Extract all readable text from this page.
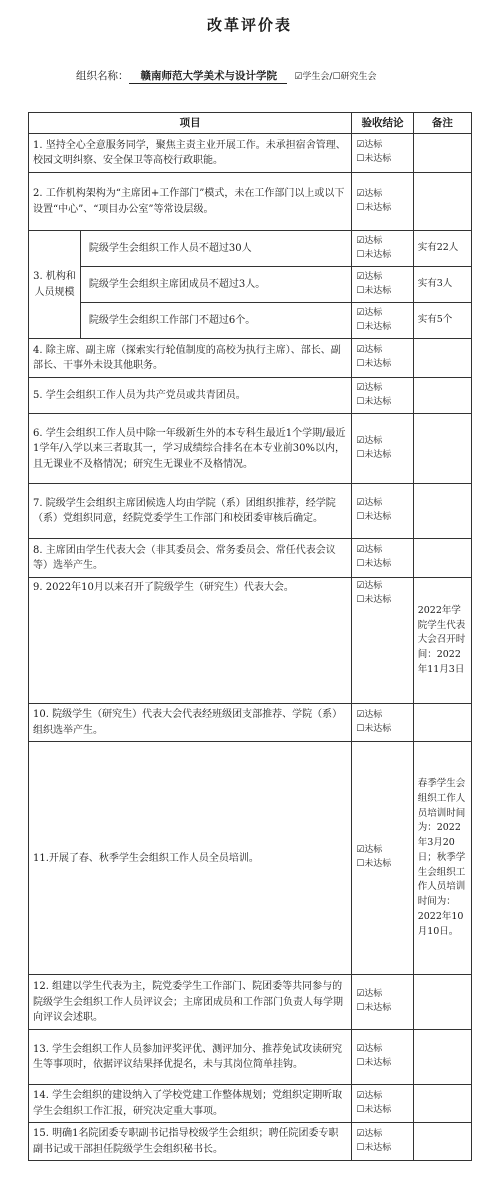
改革评价表
组织名称： 赣南师范大学美术与设计学院 ☑学生会/☐研究生会
项目		验收结论	备注
1. 坚持全心全意服务同学，聚焦主责主业开展工作。未承担宿舍管理、校园文明纠察、安全保卫等高校行政职能。		☑达标
☐未达标	

2. 工作机构架构为“主席团+工作部门”模式，未在工作部门以上或以下设置“中心”、“项目办公室”等常设层级。		☑达标
☐未达标	

3. 机构和人员规模	院级学生会组织工作人员不超过30人	☑达标
☐未达标	实有22人
	院级学生会组织主席团成员不超过3人。	☑达标
☐未达标	实有3人
	院级学生会组织工作部门不超过6个。	☑达标
☐未达标	实有5个
4. 除主席、副主席（探索实行轮值制度的高校为执行主席）、部长、副部长、干事外未设其他职务。		☑达标
☐未达标	

5. 学生会组织工作人员为共产党员或共青团员。		☑达标
☐未达标	

6. 学生会组织工作人员中除一年级新生外的本专科生最近1个学期/最近1学年/入学以来三者取其一，学习成绩综合排名在本专业前30%以内，且无课业不及格情况；研究生无课业不及格情况。		☑达标
☐未达标	

7. 院级学生会组织主席团候选人均由学院（系）团组织推荐，经学院（系）党组织同意，经院党委学生工作部门和校团委审核后确定。		☑达标
☐未达标	

8. 主席团由学生代表大会（非其委员会、常务委员会、常任代表会议等）选举产生。		☑达标
☐未达标	

9. 2022年10月以来召开了院级学生（研究生）代表大会。		☑达标
☐未达标	2022年学院学生代表大会召开时间：2022年11月3日
10. 院级学生（研究生）代表大会代表经班级团支部推荐、学院（系）组织选举产生。		☑达标
☐未达标	

11.开展了春、秋季学生会组织工作人员全员培训。		☑达标
☐未达标	春季学生会组织工作人员培训时间为：2022年3月20日；秋季学生会组织工作人员培训时间为：2022年10月10日。
12. 组建以学生代表为主，院党委学生工作部门、院团委等共同参与的院级学生会组织工作人员评议会；主席团成员和工作部门负责人每学期向评议会述职。		☑达标
☐未达标	

13. 学生会组织工作人员参加评奖评优、测评加分、推荐免试攻读研究生等事项时，依据评议结果择优提名，未与其岗位简单挂钩。		☑达标
☐未达标	

14. 学生会组织的建设纳入了学校党建工作整体规划；党组织定期听取学生会组织工作汇报，研究决定重大事项。		☑达标
☐未达标	

15. 明确1名院团委专职副书记指导校级学生会组织；聘任院团委专职副书记或干部担任院级学生会组织秘书长。		☑达标
☐未达标	
